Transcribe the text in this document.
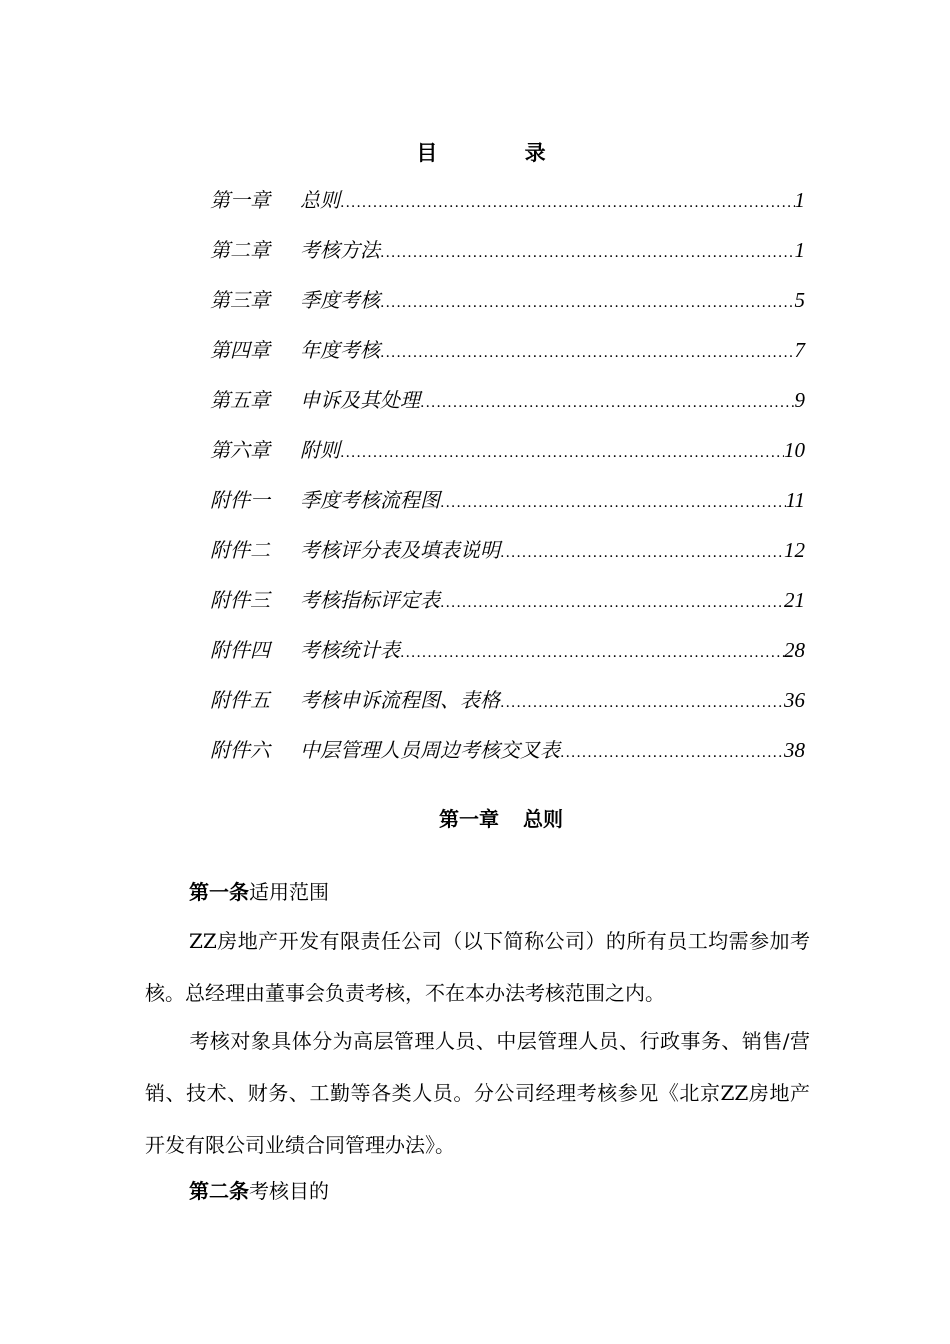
目 录
第一章	总则 .....	1
第二章	考核方法 .....	1
第三章	季度考核 .....	5
第四章	年度考核 .....	7
第五章	申诉及其处理 .....	9
第六章	附则 .....	10
附件一	季度考核流程图 .....	11
附件二	考核评分表及填表说明 .....	12
附件三	考核指标评定表 .....	21
附件四	考核统计表 .....	28
附件五	考核申诉流程图、表格 .....	36
附件六	中层管理人员周边考核交叉表 .....	38
第一章 总则
第一条适用范围
ZZ房地产开发有限责任公司（以下简称公司）的所有员工均需参加考核。总经理由董事会负责考核，不在本办法考核范围之内。
考核对象具体分为高层管理人员、中层管理人员、行政事务、销售/营销、技术、财务、工勤等各类人员。分公司经理考核参见《北京ZZ房地产开发有限公司业绩合同管理办法》。
第二条考核目的
